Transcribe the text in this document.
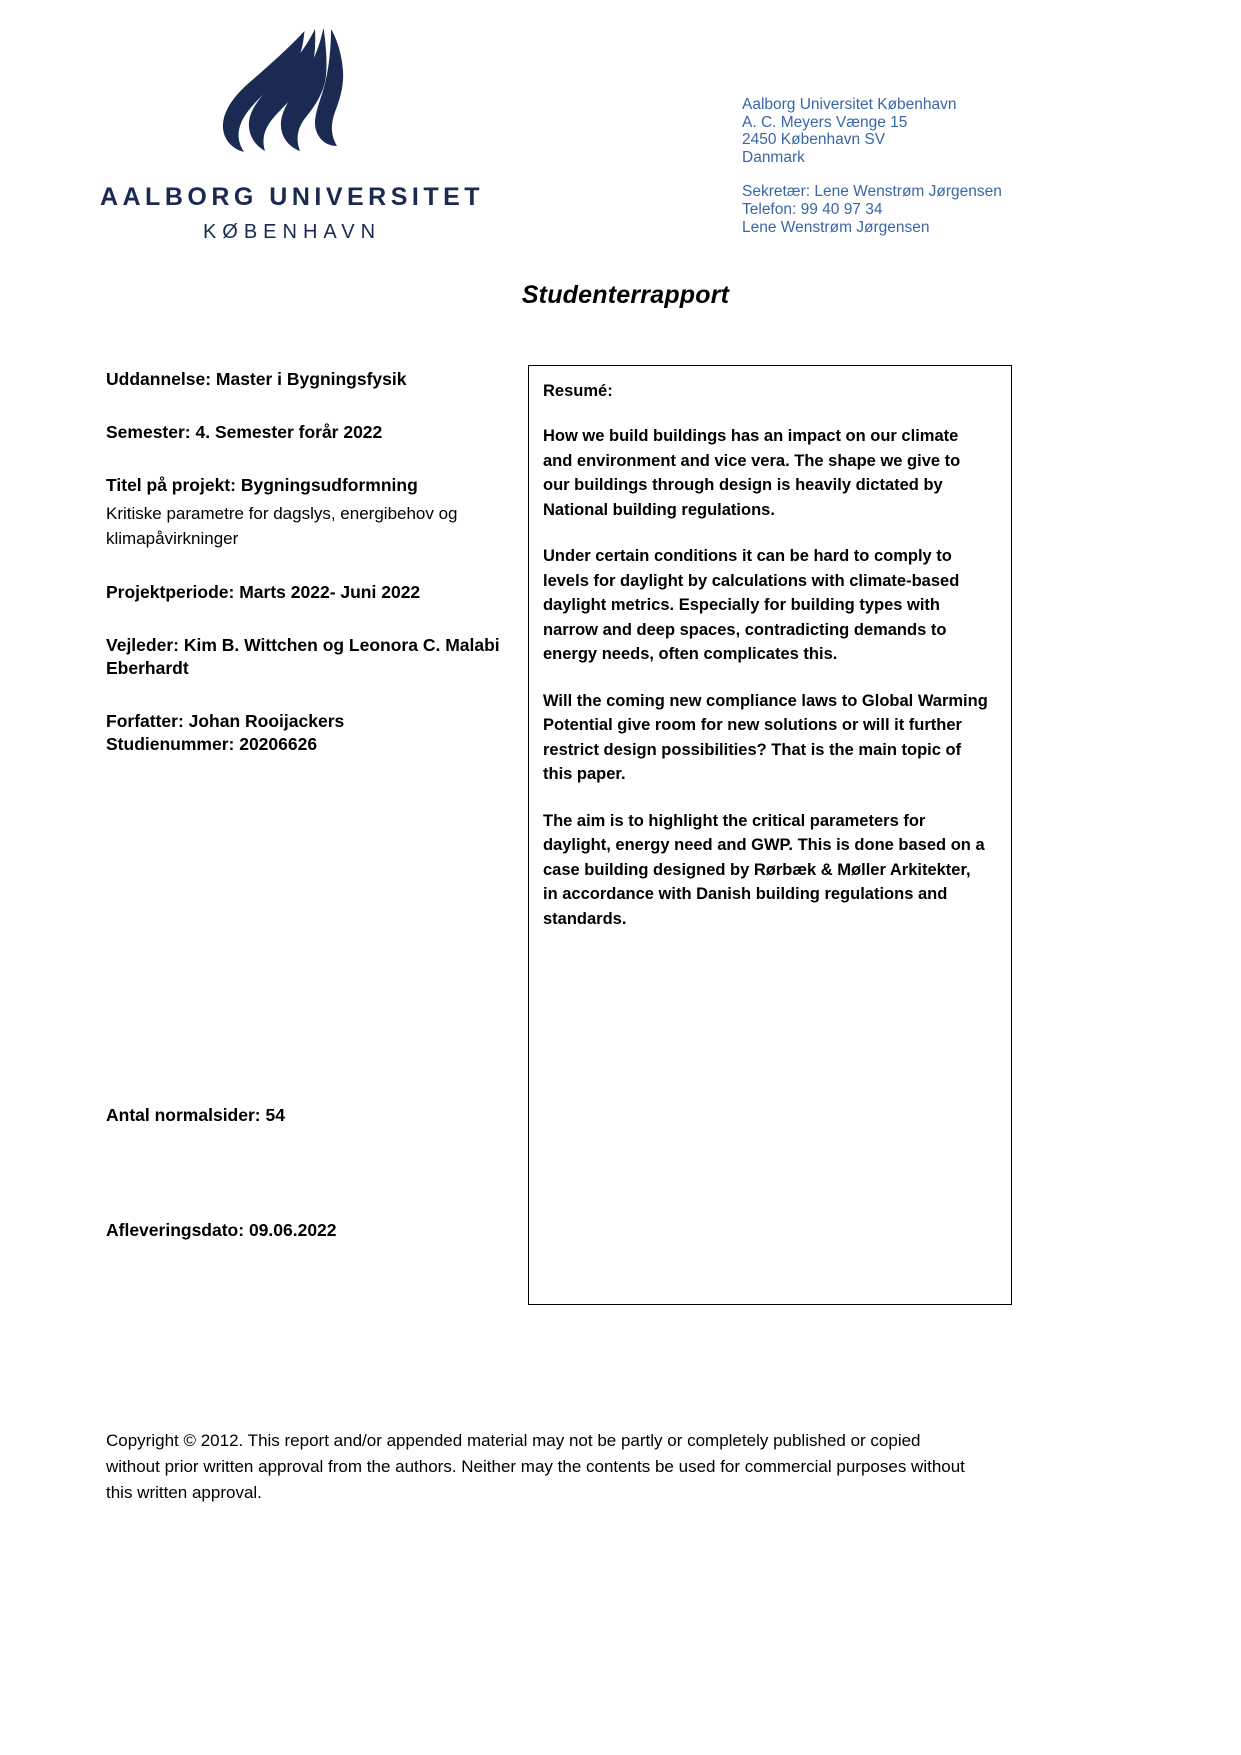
AALBORG UNIVERSITET
KØBENHAVN
Aalborg Universitet København
A. C. Meyers Vænge 15
2450 København SV
Danmark
Sekretær: Lene Wenstrøm Jørgensen
Telefon: 99 40 97 34
Lene Wenstrøm Jørgensen
Studenterrapport
Uddannelse: Master i Bygningsfysik
Semester: 4. Semester forår 2022
Titel på projekt: Bygningsudformning
Kritiske parametre for dagslys, energibehov og klimapåvirkninger
Projektperiode: Marts 2022- Juni 2022
Vejleder: Kim B. Wittchen og Leonora C. Malabi Eberhardt
Forfatter: Johan Rooijackers
Studienummer: 20206626
Antal normalsider: 54
Afleveringsdato: 09.06.2022
Resumé:
How we build buildings has an impact on our climate and environment and vice vera. The shape we give to our buildings through design is heavily dictated by National building regulations.
Under certain conditions it can be hard to comply to levels for daylight by calculations with climate-based daylight metrics. Especially for building types with narrow and deep spaces, contradicting demands to energy needs, often complicates this.
Will the coming new compliance laws to Global Warming Potential give room for new solutions or will it further restrict design possibilities? That is the main topic of this paper.
The aim is to highlight the critical parameters for daylight, energy need and GWP. This is done based on a case building designed by Rørbæk & Møller Arkitekter, in accordance with Danish building regulations and standards.
Copyright © 2012. This report and/or appended material may not be partly or completely published or copied without prior written approval from the authors. Neither may the contents be used for commercial purposes without this written approval.
